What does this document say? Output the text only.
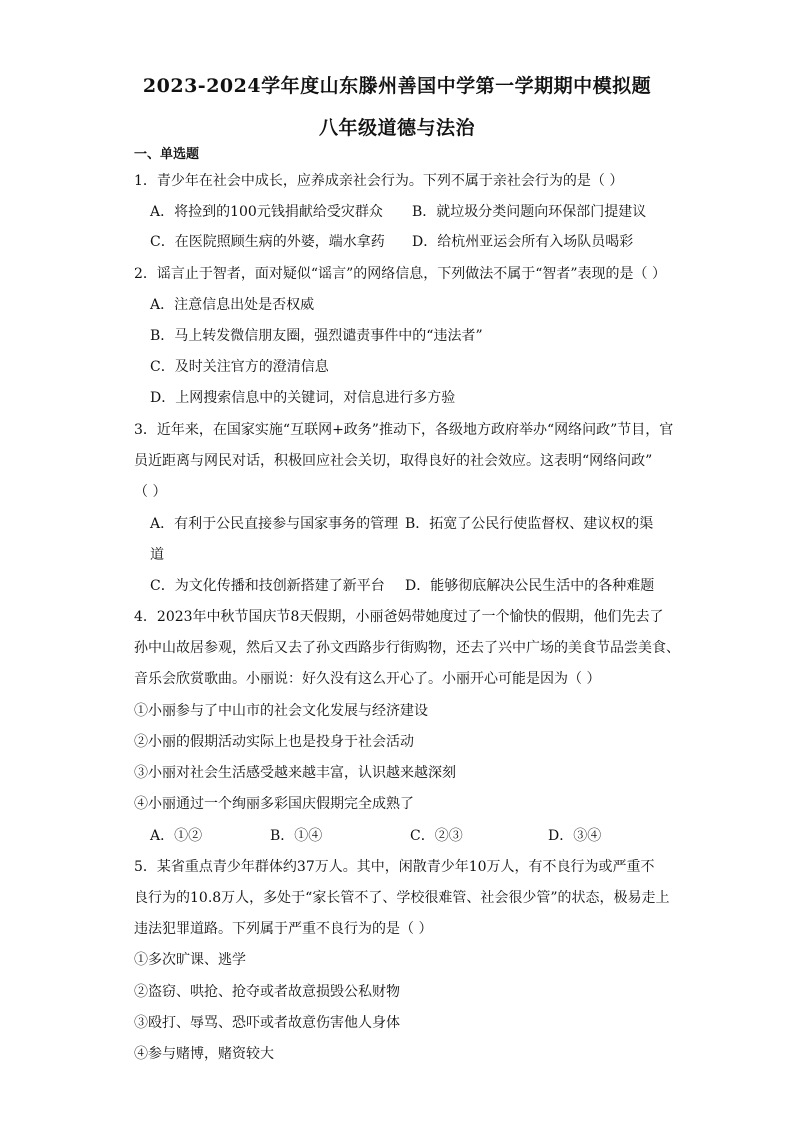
2023-2024学年度山东滕州善国中学第一学期期中模拟题
八年级道德与法治
一、单选题
1．青少年在社会中成长，应养成亲社会行为。下列不属于亲社会行为的是（ ）
A．将捡到的100元钱捐献给受灾群众 B．就垃圾分类问题向环保部门提建议
C．在医院照顾生病的外婆，端水拿药 D．给杭州亚运会所有入场队员喝彩
2．谣言止于智者，面对疑似“谣言”的网络信息，下列做法不属于“智者”表现的是（ ）
A．注意信息出处是否权威
B．马上转发微信朋友圈，强烈谴责事件中的“违法者”
C．及时关注官方的澄清信息
D．上网搜索信息中的关键词，对信息进行多方验
3．近年来，在国家实施“互联网+政务”推动下，各级地方政府举办“网络问政”节目，官
员近距离与网民对话，积极回应社会关切，取得良好的社会效应。这表明“网络问政”
（ ）
A．有利于公民直接参与国家事务的管理 B．拓宽了公民行使监督权、建议权的渠
道
C．为文化传播和技创新搭建了新平台 D．能够彻底解决公民生活中的各种难题
4．2023年中秋节国庆节8天假期，小丽爸妈带她度过了一个愉快的假期，他们先去了
孙中山故居参观，然后又去了孙文西路步行街购物，还去了兴中广场的美食节品尝美食、
音乐会欣赏歌曲。小丽说：好久没有这么开心了。小丽开心可能是因为（ ）
①小丽参与了中山市的社会文化发展与经济建设
②小丽的假期活动实际上也是投身于社会活动
③小丽对社会生活感受越来越丰富，认识越来越深刻
④小丽通过一个绚丽多彩国庆假期完全成熟了
A．①②	B．①④	C．②③	D．③④
5．某省重点青少年群体约37万人。其中，闲散青少年10万人，有不良行为或严重不
良行为的10.8万人，多处于“家长管不了、学校很难管、社会很少管”的状态，极易走上
违法犯罪道路。下列属于严重不良行为的是（ ）
①多次旷课、逃学
②盗窃、哄抢、抢夺或者故意损毁公私财物
③殴打、辱骂、恐吓或者故意伤害他人身体
④参与赌博，赌资较大
